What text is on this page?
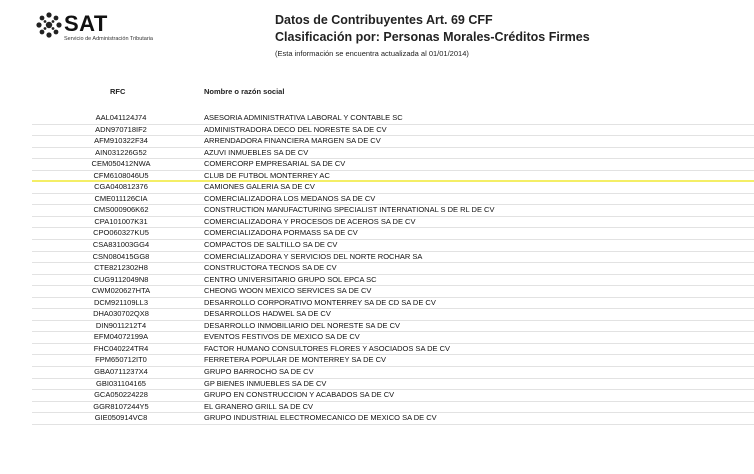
SAT
Servicio de Administración Tributaria
Datos de Contribuyentes Art. 69 CFF
Clasificación por: Personas Morales-Créditos Firmes
(Esta información se encuentra actualizada al 01/01/2014)
RFC	Nombre o razón social
AAL041124J74	ASESORIA ADMINISTRATIVA LABORAL Y CONTABLE SC
ADN970718IF2	ADMINISTRADORA DECO DEL NORESTE SA DE CV
AFM910322F34	ARRENDADORA FINANCIERA MARGEN SA DE CV
AIN031226G52	AZUVI INMUEBLES SA DE CV
CEM050412NWA	COMERCORP EMPRESARIAL SA DE CV
CFM6108046U5	CLUB DE FUTBOL MONTERREY AC
CGA040812376	CAMIONES GALERIA SA DE CV
CME011126CIA	COMERCIALIZADORA LOS MEDANOS SA DE CV
CMS000906K62	CONSTRUCTION MANUFACTURING SPECIALIST INTERNATIONAL S DE RL DE CV
CPA101007K31	COMERCIALIZADORA Y PROCESOS DE ACEROS SA DE CV
CPO060327KU5	COMERCIALIZADORA PORMASS SA DE CV
CSA831003GG4	COMPACTOS DE SALTILLO SA DE CV
CSN080415GG8	COMERCIALIZADORA Y SERVICIOS DEL NORTE ROCHAR SA
CTE8212302H8	CONSTRUCTORA TECNOS SA DE CV
CUG9112049N8	CENTRO UNIVERSITARIO GRUPO SOL EPCA SC
CWM020627HTA	CHEONG WOON MEXICO SERVICES SA DE CV
DCM921109LL3	DESARROLLO CORPORATIVO MONTERREY SA DE CD SA DE CV
DHA030702QX8	DESARROLLOS HADWEL SA DE CV
DIN9011212T4	DESARROLLO INMOBILIARIO DEL NORESTE SA DE CV
EFM04072199A	EVENTOS FESTIVOS DE MEXICO SA DE CV
FHC040224TR4	FACTOR HUMANO CONSULTORES FLORES Y ASOCIADOS SA DE CV
FPM650712IT0	FERRETERA POPULAR DE MONTERREY SA DE CV
GBA0711237X4	GRUPO BARROCHO SA DE CV
GBI031104165	GP BIENES INMUEBLES SA DE CV
GCA050224228	GRUPO EN CONSTRUCCION Y ACABADOS SA DE CV
GGR8107244Y5	EL GRANERO GRILL SA DE CV
GIE050914VC8	GRUPO INDUSTRIAL ELECTROMECANICO DE MEXICO SA DE CV
